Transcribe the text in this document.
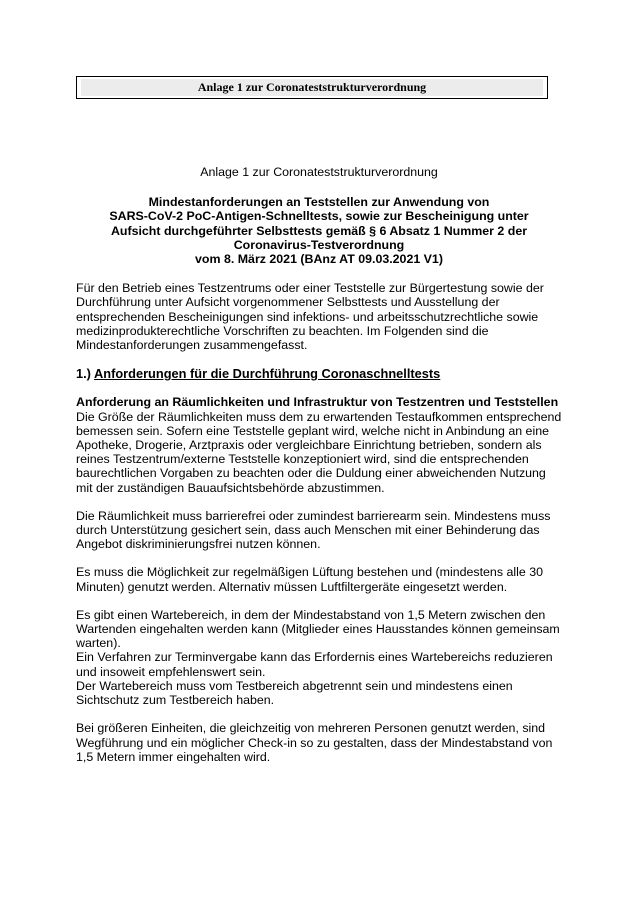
Anlage 1 zur Coronateststrukturverordnung

Anlage 1 zur Coronateststrukturverordnung

Mindestanforderungen an Teststellen zur Anwendung von
SARS-CoV-2 PoC-Antigen-Schnelltests, sowie zur Bescheinigung unter
Aufsicht durchgeführter Selbsttests gemäß § 6 Absatz 1 Nummer 2 der
Coronavirus-Testverordnung
vom 8. März 2021 (BAnz AT 09.03.2021 V1)

Für den Betrieb eines Testzentrums oder einer Teststelle zur Bürgertestung sowie der Durchführung unter Aufsicht vorgenommener Selbsttests und Ausstellung der entsprechenden Bescheinigungen sind infektions- und arbeitsschutzrechtliche sowie medizinprodukterechtliche Vorschriften zu beachten. Im Folgenden sind die Mindestanforderungen zusammengefasst.

1.) Anforderungen für die Durchführung Coronaschnelltests
Anforderung an Räumlichkeiten und Infrastruktur von Testzentren und Teststellen
Die Größe der Räumlichkeiten muss dem zu erwartenden Testaufkommen entsprechend bemessen sein. Sofern eine Teststelle geplant wird, welche nicht in Anbindung an eine Apotheke, Drogerie, Arztpraxis oder vergleichbare Einrichtung betrieben, sondern als reines Testzentrum/externe Teststelle konzeptioniert wird, sind die entsprechenden baurechtlichen Vorgaben zu beachten oder die Duldung einer abweichenden Nutzung mit der zuständigen Bauaufsichtsbehörde abzustimmen.

Die Räumlichkeit muss barrierefrei oder zumindest barrierearm sein. Mindestens muss durch Unterstützung gesichert sein, dass auch Menschen mit einer Behinderung das Angebot diskriminierungsfrei nutzen können.

Es muss die Möglichkeit zur regelmäßigen Lüftung bestehen und (mindestens alle 30 Minuten) genutzt werden. Alternativ müssen Luftfiltergeräte eingesetzt werden.

Es gibt einen Wartebereich, in dem der Mindestabstand von 1,5 Metern zwischen den Wartenden eingehalten werden kann (Mitglieder eines Hausstandes können gemeinsam warten).
Ein Verfahren zur Terminvergabe kann das Erfordernis eines Wartebereichs reduzieren und insoweit empfehlenswert sein.
Der Wartebereich muss vom Testbereich abgetrennt sein und mindestens einen Sichtschutz zum Testbereich haben.

Bei größeren Einheiten, die gleichzeitig von mehreren Personen genutzt werden, sind Wegführung und ein möglicher Check-in so zu gestalten, dass der Mindestabstand von 1,5 Metern immer eingehalten wird.
